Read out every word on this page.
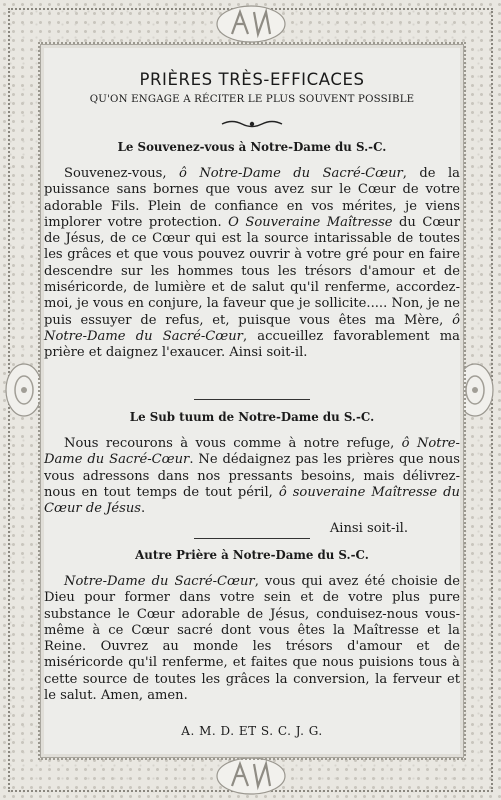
PRIÈRES TRÈS-EFFICACES
QU'ON ENGAGE A RÉCITER LE PLUS SOUVENT POSSIBLE
Le Souvenez-vous à Notre-Dame du S.-C.
Souvenez-vous, ô Notre-Dame du Sacré-Cœur, de la puissance sans bornes que vous avez sur le Cœur de votre adorable Fils. Plein de confiance en vos mérites, je viens implorer votre protection. O Souveraine Maîtresse du Cœur de Jésus, de ce Cœur qui est la source intarissable de toutes les grâces et que vous pouvez ouvrir à votre gré pour en faire descendre sur les hommes tous les trésors d'amour et de miséricorde, de lumière et de salut qu'il renferme, accordez-moi, je vous en conjure, la faveur que je sollicite..... Non, je ne puis essuyer de refus, et, puisque vous êtes ma Mère, ô Notre-Dame du Sacré-Cœur, accueillez favorablement ma prière et daignez l'exaucer. Ainsi soit-il.
Le Sub tuum de Notre-Dame du S.-C.
Nous recourons à vous comme à notre refuge, ô Notre-Dame du Sacré-Cœur. Ne dédaignez pas les prières que nous vous adressons dans nos pressants besoins, mais délivrez-nous en tout temps de tout péril, ô souveraine Maîtresse du Cœur de Jésus.
Ainsi soit-il.
Autre Prière à Notre-Dame du S.-C.
Notre-Dame du Sacré-Cœur, vous qui avez été choisie de Dieu pour former dans votre sein et de votre plus pure substance le Cœur adorable de Jésus, conduisez-nous vous-même à ce Cœur sacré dont vous êtes la Maîtresse et la Reine. Ouvrez au monde les trésors d'amour et de miséricorde qu'il renferme, et faites que nous puisions tous à cette source de toutes les grâces la conversion, la ferveur et le salut. Amen, amen.
A. M. D. ET S. C. J. G.
